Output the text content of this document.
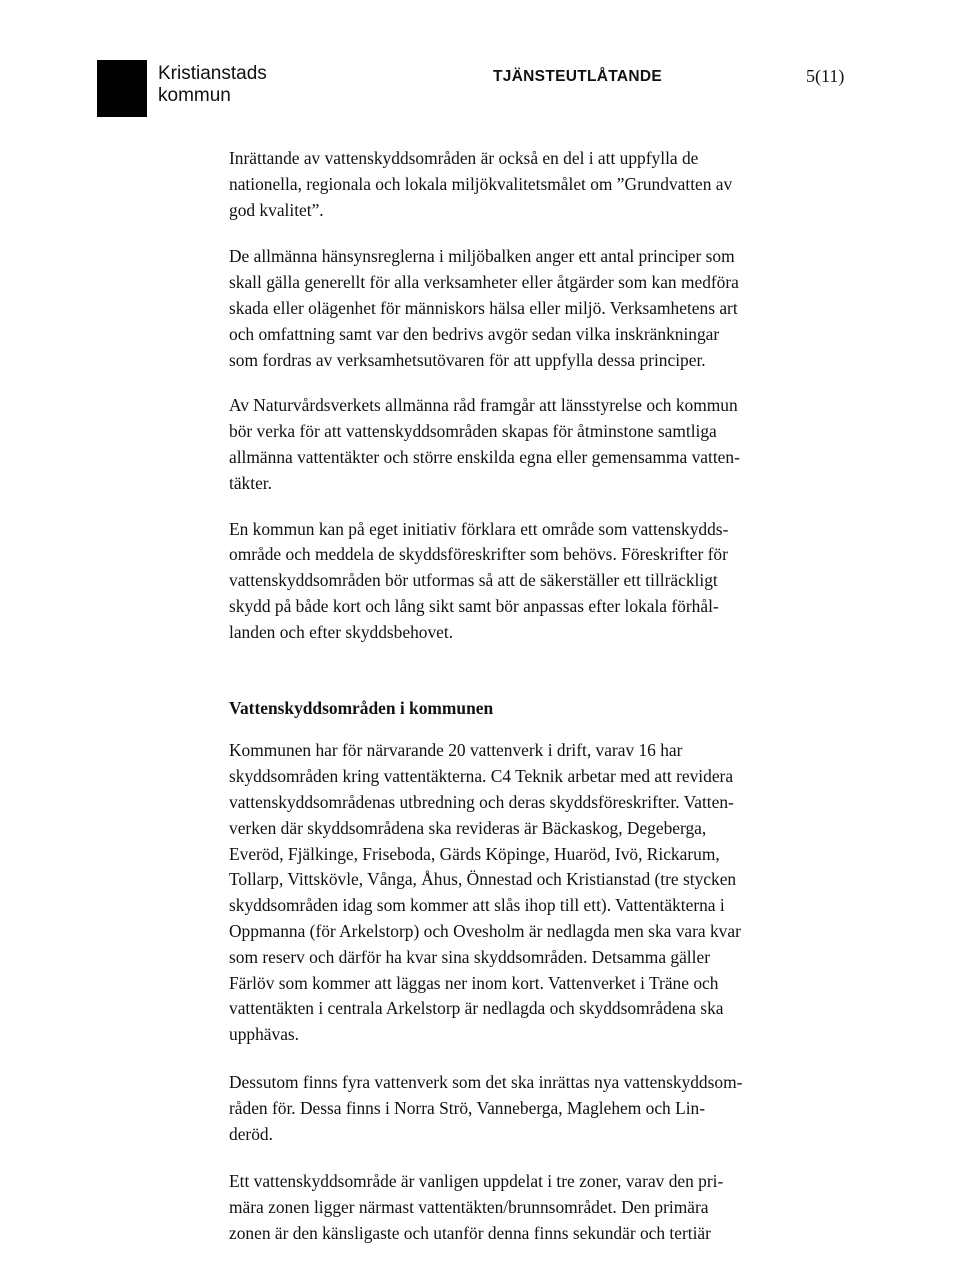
Kristianstads
kommun
TJÄNSTEUTLÅTANDE	5(11)

Inrättande av vattenskyddsområden är också en del i att uppfylla de
nationella, regionala och lokala miljökvalitetsmålet om ”Grundvatten av
god kvalitet”.

De allmänna hänsynsreglerna i miljöbalken anger ett antal principer som
skall gälla generellt för alla verksamheter eller åtgärder som kan medföra
skada eller olägenhet för människors hälsa eller miljö. Verksamhetens art
och omfattning samt var den bedrivs avgör sedan vilka inskränkningar
som fordras av verksamhetsutövaren för att uppfylla dessa principer.

Av Naturvårdsverkets allmänna råd framgår att länsstyrelse och kommun
bör verka för att vattenskyddsområden skapas för åtminstone samtliga
allmänna vattentäkter och större enskilda egna eller gemensamma vatten-
täkter.

En kommun kan på eget initiativ förklara ett område som vattenskydds-
område och meddela de skyddsföreskrifter som behövs. Föreskrifter för
vattenskyddsområden bör utformas så att de säkerställer ett tillräckligt
skydd på både kort och lång sikt samt bör anpassas efter lokala förhål-
landen och efter skyddsbehovet.

Vattenskyddsområden i kommunen

Kommunen har för närvarande 20 vattenverk i drift, varav 16 har
skyddsområden kring vattentäkterna. C4 Teknik arbetar med att revidera
vattenskyddsområdenas utbredning och deras skyddsföreskrifter. Vatten-
verken där skyddsområdena ska revideras är Bäckaskog, Degeberga,
Everöd, Fjälkinge, Friseboda, Gärds Köpinge, Huaröd, Ivö, Rickarum,
Tollarp, Vittskövle, Vånga, Åhus, Önnestad och Kristianstad (tre stycken
skyddsområden idag som kommer att slås ihop till ett). Vattentäkterna i
Oppmanna (för Arkelstorp) och Ovesholm är nedlagda men ska vara kvar
som reserv och därför ha kvar sina skyddsområden. Detsamma gäller
Färlöv som kommer att läggas ner inom kort. Vattenverket i Träne och
vattentäkten i centrala Arkelstorp är nedlagda och skyddsområdena ska
upphävas.

Dessutom finns fyra vattenverk som det ska inrättas nya vattenskyddsom-
råden för. Dessa finns i Norra Strö, Vanneberga, Maglehem och Lin-
deröd.

Ett vattenskyddsområde är vanligen uppdelat i tre zoner, varav den pri-
mära zonen ligger närmast vattentäkten/brunnsområdet. Den primära
zonen är den känsligaste och utanför denna finns sekundär och tertiär
